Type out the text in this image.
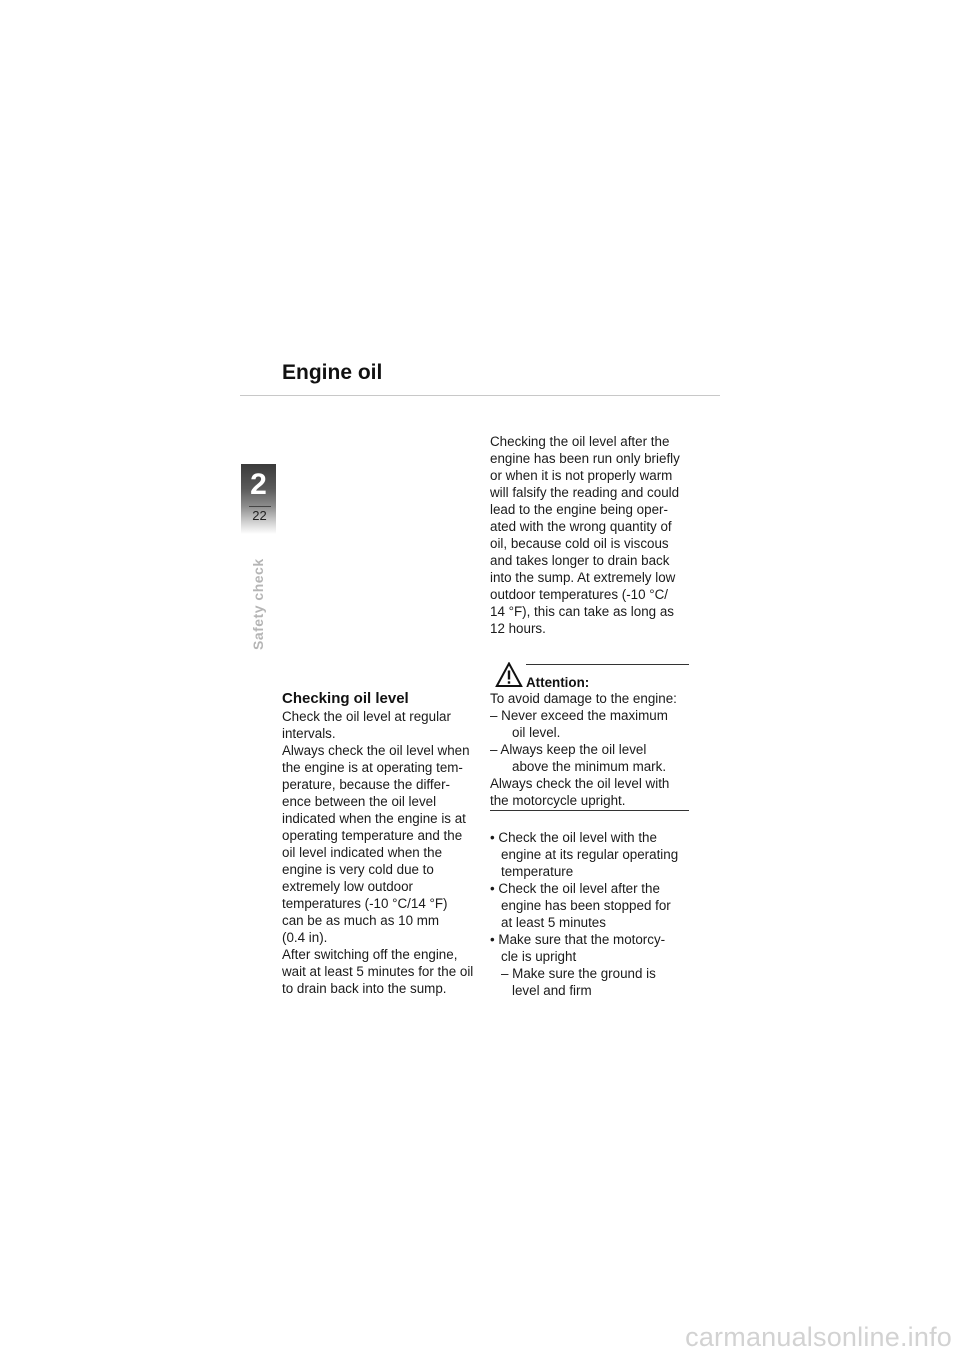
Engine oil
2
22
Safety check
Checking oil level
Check the oil level at regular
intervals.
Always check the oil level when
the engine is at operating tem-
perature, because the differ-
ence between the oil level
indicated when the engine is at
operating temperature and the
oil level indicated when the
engine is very cold due to
extremely low outdoor
temperatures (-10 °C/14 °F)
can be as much as 10 mm
(0.4 in).
After switching off the engine,
wait at least 5 minutes for the oil
to drain back into the sump.
Checking the oil level after the
engine has been run only briefly
or when it is not properly warm
will falsify the reading and could
lead to the engine being oper-
ated with the wrong quantity of
oil, because cold oil is viscous
and takes longer to drain back
into the sump. At extremely low
outdoor temperatures (-10 °C/
14 °F), this can take as long as
12 hours.
Attention:
To avoid damage to the engine:
– Never exceed the maximum
oil level.
– Always keep the oil level
above the minimum mark.
Always check the oil level with
the motorcycle upright.
• Check the oil level with the
engine at its regular operating
temperature
• Check the oil level after the
engine has been stopped for
at least 5 minutes
• Make sure that the motorcy-
cle is upright
– Make sure the ground is
level and firm
carmanualsonline.info
